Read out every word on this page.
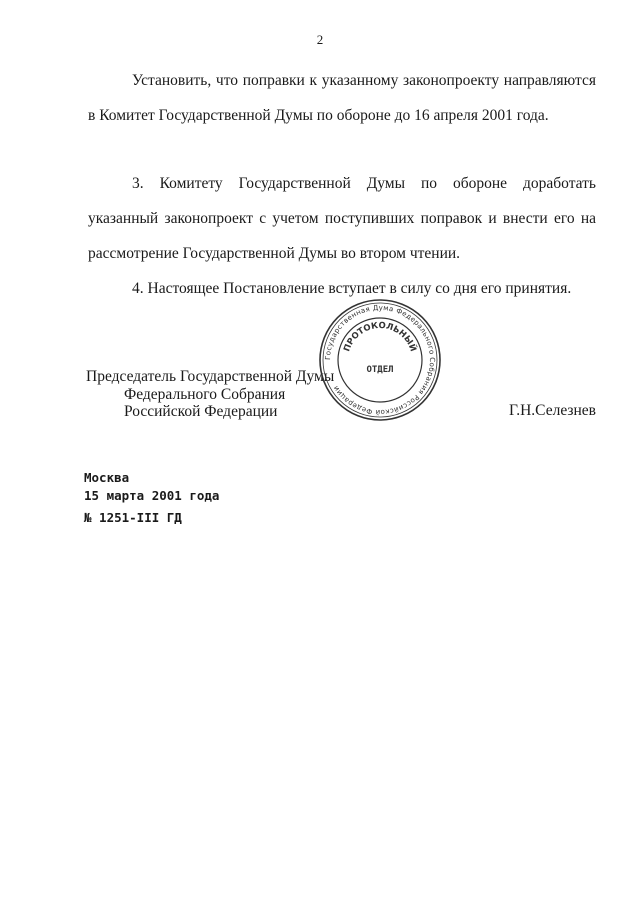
2

Установить, что поправки к указанному законопроекту направляются в Комитет Государственной Думы по обороне до 16 апреля 2001 года.

3. Комитету Государственной Думы по обороне доработать указанный законопроект с учетом поступивших поправок и внести его на рассмотрение Государственной Думы во втором чтении.

4. Настоящее Постановление вступает в силу со дня его принятия.

Председатель Государственной Думы
Федерального Собрания
Российской Федерации	Г.Н.Селезнев
Государственная Дума Федерального Собрания Российской Федерации
ПРОТОКОЛЬНЫЙ
ОТДЕЛ
Москва
15 марта 2001 года
№ 1251-III ГД
